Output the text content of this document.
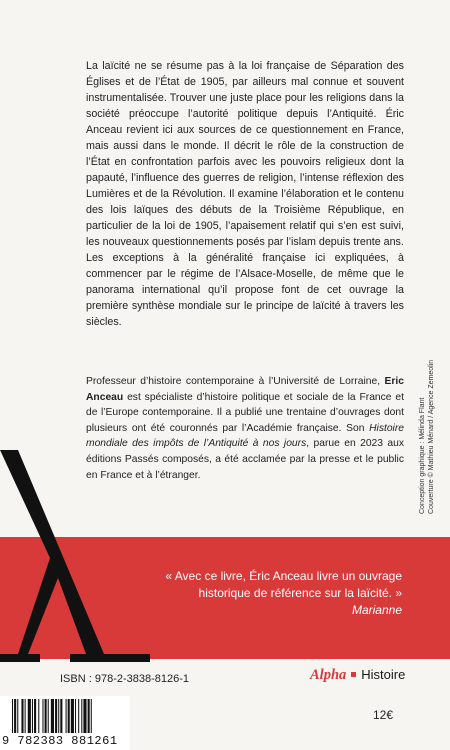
La laïcité ne se résume pas à la loi française de Séparation des Églises et de l’État de 1905, par ailleurs mal connue et souvent instrumentalisée. Trouver une juste place pour les religions dans la société préoccupe l’autorité politique depuis l’Antiquité. Éric Anceau revient ici aux sources de ce questionnement en France, mais aussi dans le monde. Il décrit le rôle de la construction de l’État en confrontation parfois avec les pouvoirs religieux dont la papauté, l’influence des guerres de religion, l’intense réflexion des Lumières et de la Révolution. Il examine l’élaboration et le contenu des lois laïques des débuts de la Troisième République, en particulier de la loi de 1905, l’apaisement relatif qui s’en est suivi, les nouveaux questionnements posés par l’islam depuis trente ans.

Les exceptions à la généralité française ici expliquées, à commencer par le régime de l’Alsace-Moselle, de même que le panorama international qu’il propose font de cet ouvrage la première synthèse mondiale sur le principe de laïcité à travers les siècles.

Professeur d’histoire contemporaine à l’Université de Lorraine, Eric Anceau est spécialiste d’histoire politique et sociale de la France et de l’Europe contemporaine. Il a publié une trentaine d’ouvrages dont plusieurs ont été couronnés par l’Académie française. Son Histoire mondiale des impôts de l’Antiquité à nos jours, parue en 2023 aux éditions Passés composés, a été acclamée par la presse et le public en France et à l’étranger.	Conception graphique : Mélinda Flant Couverture © Mathieu Ménard / Agence Zemeolin
« Avec ce livre, Éric Anceau livre un ouvrage historique de référence sur la laïcité. »
Marianne
ISBN : 978-2-3838-8126-1	Alpha Histoire
12€
9 782383 881261
